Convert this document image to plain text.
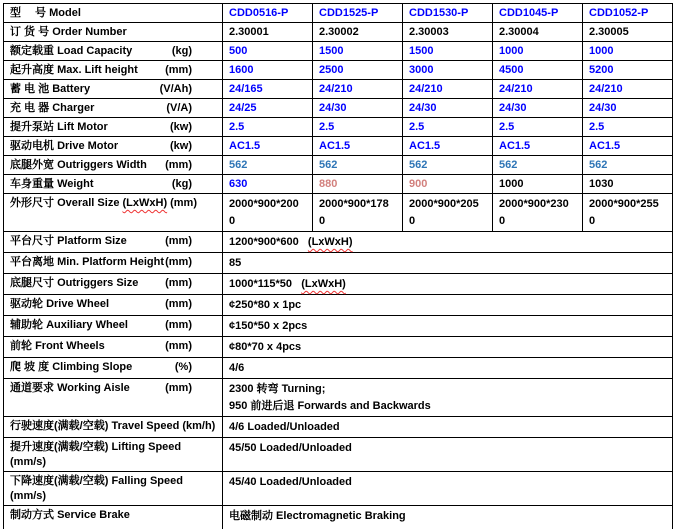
型　 号 Model	CDD0516-P	CDD1525-P	CDD1530-P	CDD1045-P	CDD1052-P

订 货 号 Order Number	2.30001	2.30002	2.30003	2.30004	2.30005

额定载重 Load Capacity (kg)	500	1500	1500	1000	1000

起升高度 Max. Lift height (mm)	1600	2500	3000	4500	5200

蓄 电 池 Battery (V/Ah)	24/165	24/210	24/210	24/210	24/210

充 电 器 Charger (V/A)	24/25	24/30	24/30	24/30	24/30

提升泵站 Lift Motor (kw)	2.5	2.5	2.5	2.5	2.5

驱动电机 Drive Motor (kw)	AC1.5	AC1.5	AC1.5	AC1.5	AC1.5

底腿外宽 Outriggers Width (mm)	562	562	562	562	562

车身重量 Weight (kg)	630	880	900	1000	1030

外形尺寸 Overall Size (LxWxH) (mm)	2000*900*2000	2000*900*1780	2000*900*2050	2000*900*2300	2000*900*2550

平台尺寸 Platform Size (mm)	1200*900*600   (LxWxH)				

平台离地 Min. Platform Height (mm)	85				

底腿尺寸 Outriggers Size (mm)	1000*115*50   (LxWxH)				

驱动轮 Drive Wheel (mm)	¢250*80 x 1pc				

辅助轮 Auxiliary Wheel (mm)	¢150*50 x 2pcs				

前轮 Front Wheels (mm)	¢80*70 x 4pcs				

爬 坡 度 Climbing Slope (%)	4/6				

通道要求 Working Aisle (mm)	2300 转弯 Turning;
950 前进后退 Forwards and Backwards				

行驶速度(满载/空载) Travel Speed (km/h)	4/6 Loaded/Unloaded				

提升速度(满载/空载) Lifting Speed
(mm/s)	45/50 Loaded/Unloaded				

下降速度(满载/空载) Falling Speed
(mm/s)	45/40 Loaded/Unloaded				

制动方式 Service Brake	电磁制动 Electromagnetic Braking				
